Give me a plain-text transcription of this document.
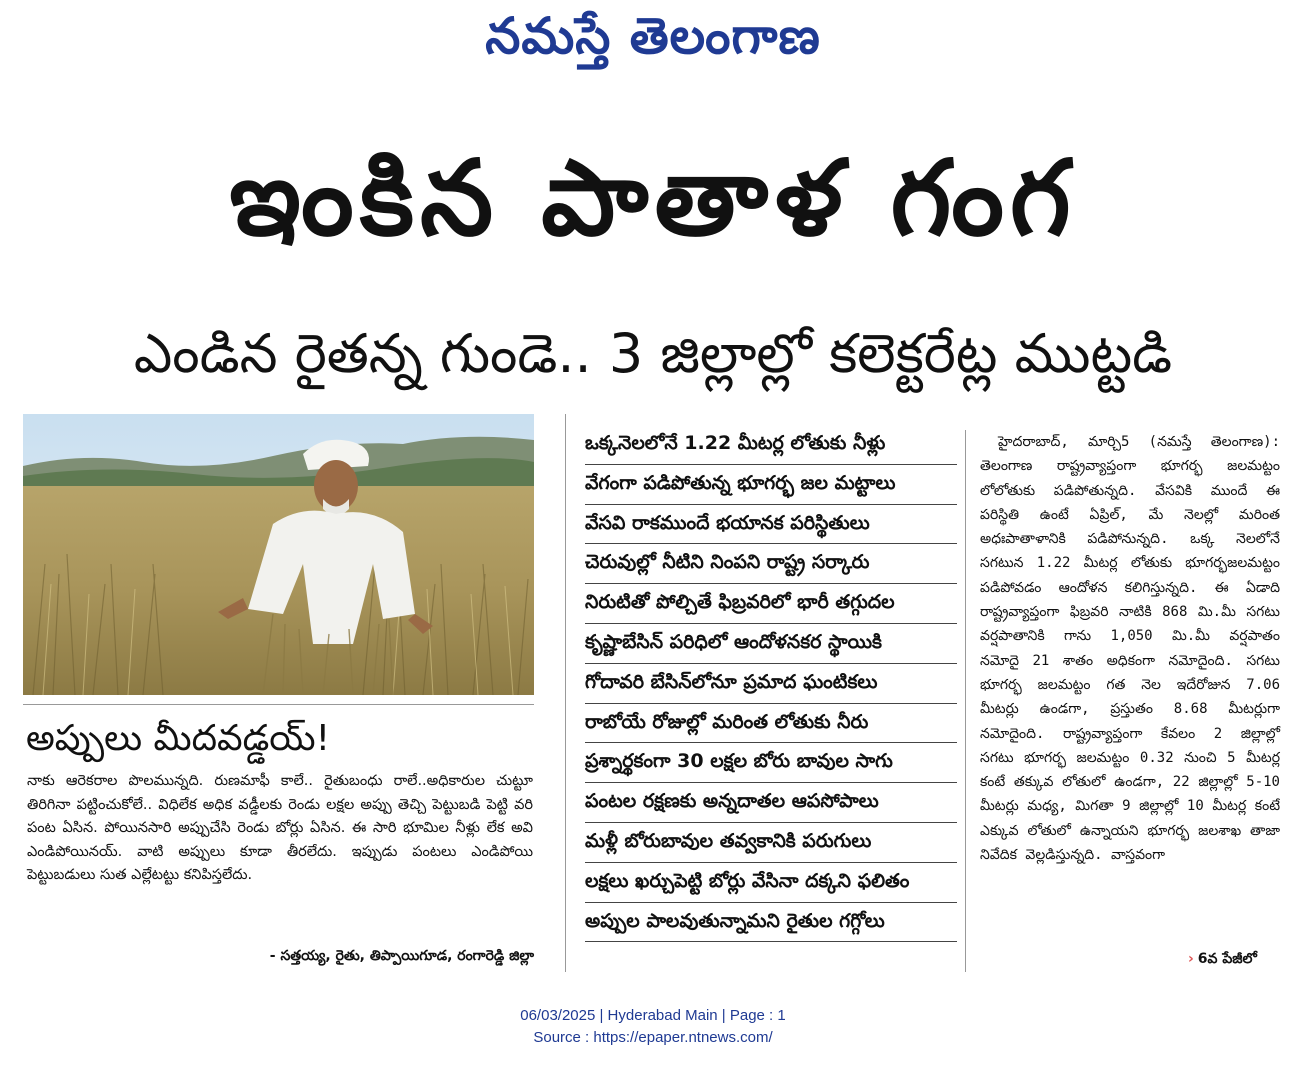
నమస్తే తెలంగాణ
ఇంకిన పాతాళ గంగ
ఎండిన రైతన్న గుండె.. 3 జిల్లాల్లో కలెక్టరేట్ల ముట్టడి
అప్పులు మీదవడ్డయ్!

నాకు ఆరెకరాల పొలమున్నది. రుణమాఫీ కాలే.. రైతుబంధు రాలే..అధికారుల చుట్టూ తిరిగినా పట్టించుకోలే.. విధిలేక అధిక వడ్డీలకు రెండు లక్షల అప్పు తెచ్చి పెట్టుబడి పెట్టి వరి పంట ఏసిన. పోయినసారి అప్పుచేసి రెండు బోర్లు ఏసిన. ఈ సారి భూమిల నీళ్లు లేక అవి ఎండిపోయినయ్. వాటి అప్పులు కూడా తీరలేదు. ఇప్పుడు పంటలు ఎండిపోయి పెట్టుబడులు సుత ఎల్లేటట్టు కనిపిస్తలేదు.

- సత్తయ్య, రైతు, తిప్పాయిగూడ, రంగారెడ్డి జిల్లా
ఒక్కనెలలోనే 1.22 మీటర్ల లోతుకు నీళ్లు
వేగంగా పడిపోతున్న భూగర్భ జల మట్టాలు
వేసవి రాకముందే భయానక పరిస్థితులు
చెరువుల్లో నీటిని నింపని రాష్ట్ర సర్కారు
నిరుటితో పోల్చితే ఫిబ్రవరిలో భారీ తగ్గుదల
కృష్ణాబేసిన్ పరిధిలో ఆందోళనకర స్థాయికి
గోదావరి బేసిన్‌లోనూ ప్రమాద ఘంటికలు
రాబోయే రోజుల్లో మరింత లోతుకు నీరు
ప్రశ్నార్థకంగా 30 లక్షల బోరు బావుల సాగు
పంటల రక్షణకు అన్నదాతల ఆపసోపాలు
మళ్లీ బోరుబావుల తవ్వకానికి పరుగులు
లక్షలు ఖర్చుపెట్టి బోర్లు వేసినా దక్కని ఫలితం
అప్పుల పాలవుతున్నామని రైతుల గగ్గోలు

హైదరాబాద్, మార్చి5 (నమస్తే తెలంగాణ): తెలంగాణ రాష్ట్రవ్యాప్తంగా భూగర్భ జలమట్టం లోలోతుకు పడిపోతున్నది. వేసవికి ముందే ఈ పరిస్థితి ఉంటే ఏప్రిల్, మే నెలల్లో మరింత అధఃపాతాళానికి పడిపోనున్నది. ఒక్క నెలలోనే సగటున 1.22 మీటర్ల లోతుకు భూగర్భజలమట్టం పడిపోవడం ఆందోళన కలిగిస్తున్నది. ఈ ఏడాది రాష్ట్రవ్యాప్తంగా ఫిబ్రవరి నాటికి 868 మి.మీ సగటు వర్షపాతానికి గాను 1,050 మి.మీ వర్షపాతం నమోదై 21 శాతం అధికంగా నమోదైంది. సగటు భూగర్భ జలమట్టం గత నెల ఇదేరోజున 7.06 మీటర్లు ఉండగా, ప్రస్తుతం 8.68 మీటర్లుగా నమోదైంది. రాష్ట్రవ్యాప్తంగా కేవలం 2 జిల్లాల్లో సగటు భూగర్భ జలమట్టం 0.32 నుంచి 5 మీటర్ల కంటే తక్కువ లోతులో ఉండగా, 22 జిల్లాల్లో 5-10 మీటర్లు మధ్య, మిగతా 9 జిల్లాల్లో 10 మీటర్ల కంటే ఎక్కువ లోతులో ఉన్నాయని భూగర్భ జలశాఖ తాజా నివేదిక వెల్లడిస్తున్నది. వాస్తవంగా

› 6వ పేజీలో
06/03/2025 | Hyderabad Main | Page : 1
Source : https://epaper.ntnews.com/
